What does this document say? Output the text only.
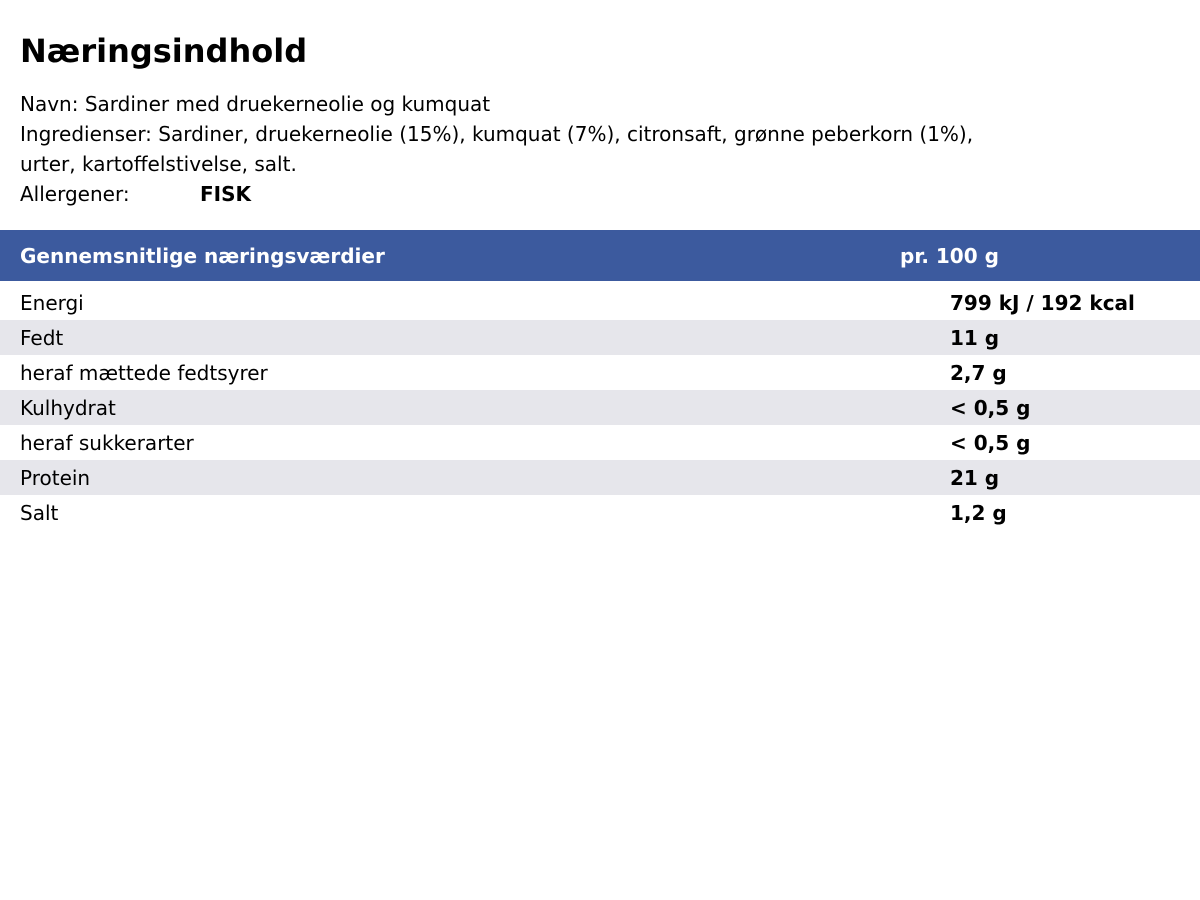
Næringsindhold
Navn: Sardiner med druekerneolie og kumquat
Ingredienser: Sardiner, druekerneolie (15%), kumquat (7%), citronsaft, grønne peberkorn (1%),
urter, kartoffelstivelse, salt.
Allergener:	FISK
Gennemsnitlige næringsværdier	pr. 100 g
Energi	799 kJ / 192 kcal
Fedt	11 g
heraf mættede fedtsyrer	2,7 g
Kulhydrat	< 0,5 g
heraf sukkerarter	< 0,5 g
Protein	21 g
Salt	1,2 g
